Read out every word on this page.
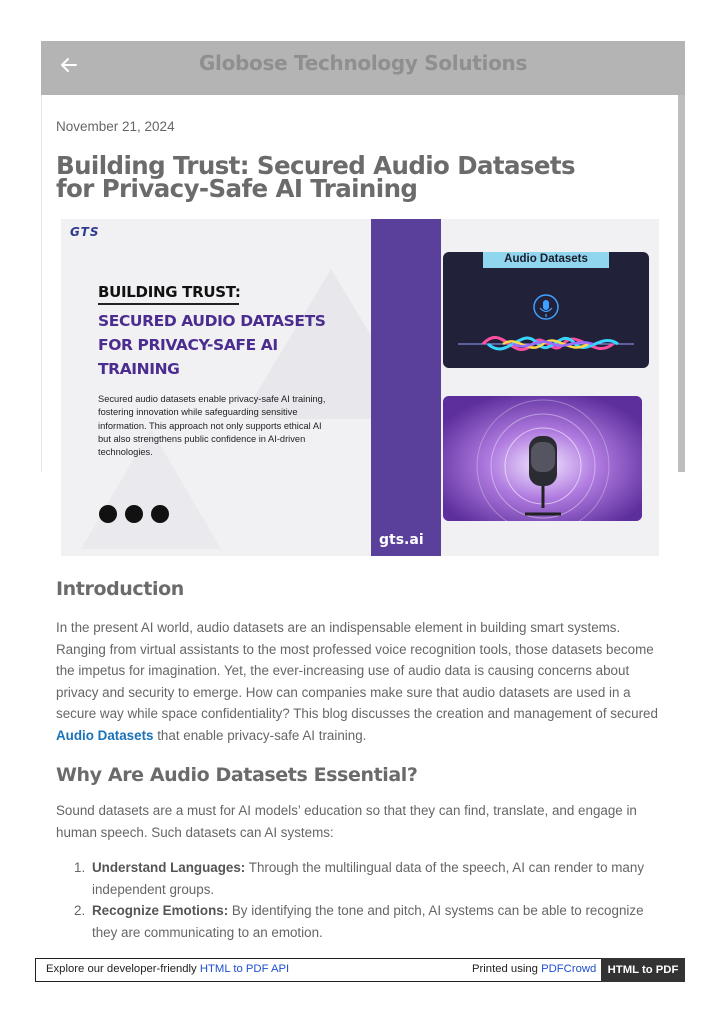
Globose Technology Solutions
November 21, 2024
Building Trust: Secured Audio Datasets for Privacy-Safe AI Training
GTS
BUILDING TRUST:
SECURED AUDIO DATASETS FOR PRIVACY-SAFE AI TRAINING
Secured audio datasets enable privacy-safe AI training, fostering innovation while safeguarding sensitive information. This approach not only supports ethical AI but also strengthens public confidence in AI-driven technologies.
gts.ai
Audio Datasets
Introduction

In the present AI world, audio datasets are an indispensable element in building smart systems. Ranging from virtual assistants to the most professed voice recognition tools, those datasets become the impetus for imagination. Yet, the ever-increasing use of audio data is causing concerns about privacy and security to emerge. How can companies make sure that audio datasets are used in a secure way while space confidentiality? This blog discusses the creation and management of secured
Audio Datasets that enable privacy-safe AI training.

Why Are Audio Datasets Essential?

Sound datasets are a must for AI models’ education so that they can find, translate, and engage in human speech. Such datasets can AI systems:

1. Understand Languages: Through the multilingual data of the speech, AI can render to many independent groups.
2. Recognize Emotions: By identifying the tone and pitch, AI systems can be able to recognize they are communicating to an emotion.
Explore our developer-friendly HTML to PDF API	Printed using PDFCrowd	HTML to PDF
